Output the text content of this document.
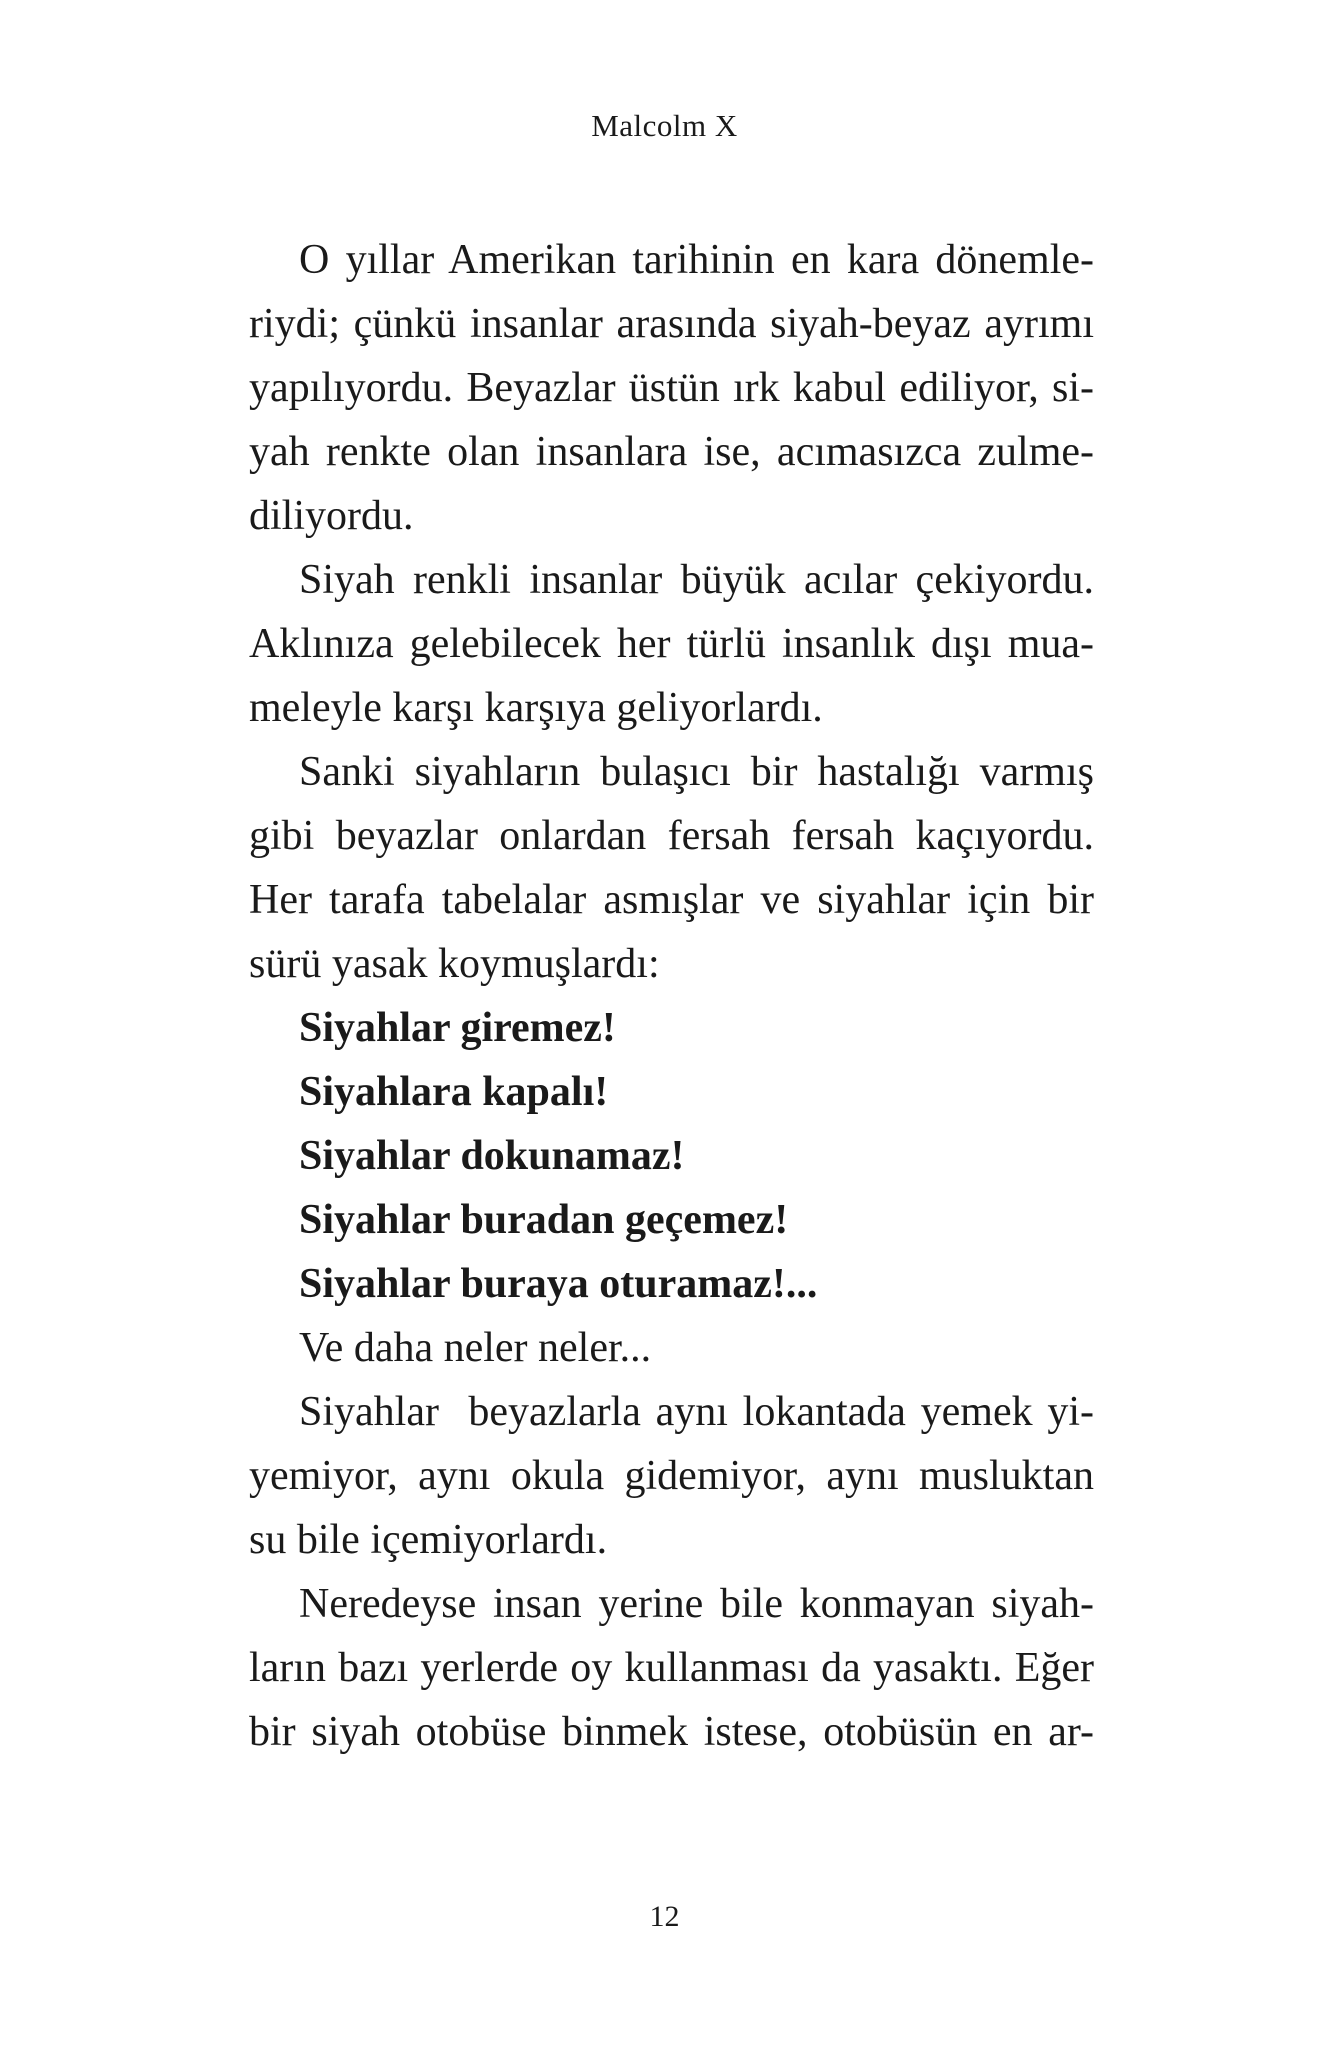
Malcolm X

O yıllar Amerikan tarihinin en kara dönemle-
riydi; çünkü insanlar arasında siyah-beyaz ayrımı
yapılıyordu. Beyazlar üstün ırk kabul ediliyor, si-
yah renkte olan insanlara ise, acımasızca zulme-
diliyordu.

Siyah renkli insanlar büyük acılar çekiyordu.
Aklınıza gelebilecek her türlü insanlık dışı mua-
meleyle karşı karşıya geliyorlardı.

Sanki siyahların bulaşıcı bir hastalığı varmış
gibi beyazlar onlardan fersah fersah kaçıyordu.
Her tarafa tabelalar asmışlar ve siyahlar için bir
sürü yasak koymuşlardı:

Siyahlar giremez!

Siyahlara kapalı!

Siyahlar dokunamaz!

Siyahlar buradan geçemez!

Siyahlar buraya oturamaz!...

Ve daha neler neler...

Siyahlar  beyazlarla aynı lokantada yemek yi-
yemiyor, aynı okula gidemiyor, aynı musluktan
su bile içemiyorlardı.

Neredeyse insan yerine bile konmayan siyah-
ların bazı yerlerde oy kullanması da yasaktı. Eğer
bir siyah otobüse binmek istese, otobüsün en ar-

12
